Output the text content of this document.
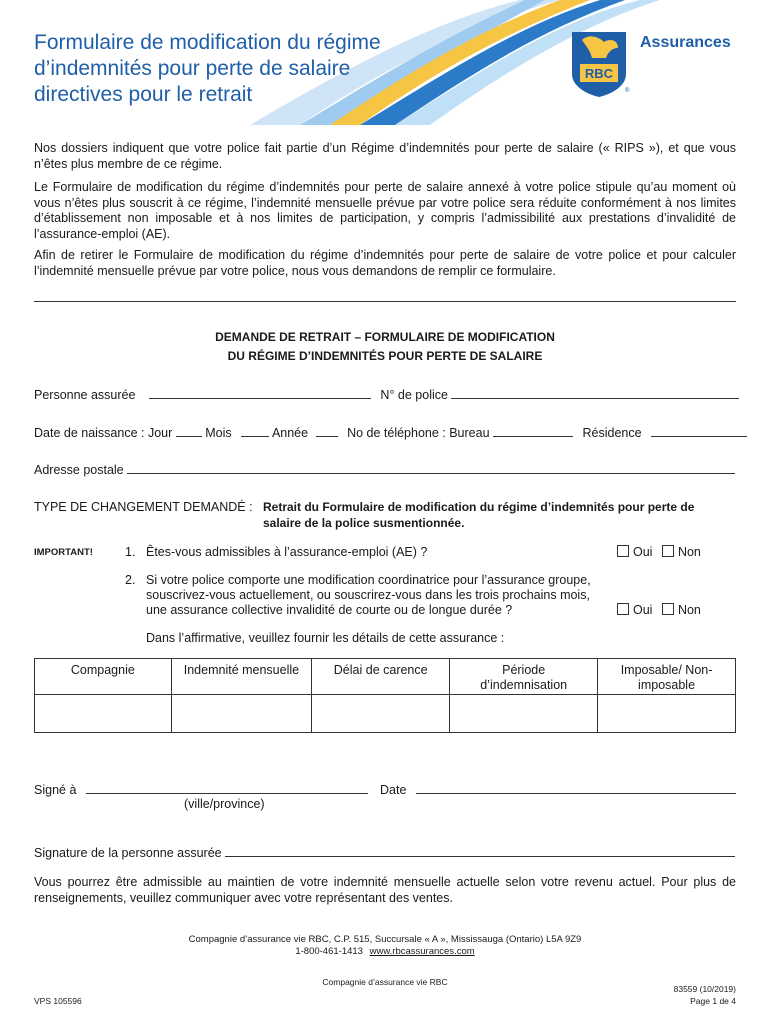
Formulaire de modification du régime
d’indemnités pour perte de salaire
directives pour le retrait
RBC
®
Assurances
Nos dossiers indiquent que votre police fait partie d’un Régime d’indemnités pour perte de salaire (« RIPS »), et que vous n’êtes plus membre de ce régime.
Le Formulaire de modification du régime d’indemnités pour perte de salaire annexé à votre police stipule qu’au moment où vous n’êtes plus souscrit à ce régime, l’indemnité mensuelle prévue par votre police sera réduite conformément à nos limites d’établissement non imposable et à nos limites de participation, y compris l’admissibilité aux prestations d’invalidité de l’assurance-emploi (AE).
Afin de retirer le Formulaire de modification du régime d’indemnités pour perte de salaire de votre police et pour calculer l’indemnité mensuelle prévue par votre police, nous vous demandons de remplir ce formulaire.
DEMANDE DE RETRAIT – FORMULAIRE DE MODIFICATION
DU RÉGIME D’INDEMNITÉS POUR PERTE DE SALAIRE
Personne assurée	N° de police
Date de naissance : Jour	Mois	Année	No de téléphone : Bureau	Résidence
Adresse postale
TYPE DE CHANGEMENT DEMANDÉ : Retrait du Formulaire de modification du régime d’indemnités pour perte de
salaire de la police susmentionnée.
IMPORTANT!	1. Êtes-vous admissibles à l’assurance-emploi (AE) ?	Oui Non
2. Si votre police comporte une modification coordinatrice pour l’assurance groupe,
souscrivez-vous actuellement, ou souscrirez-vous dans les trois prochains mois,
une assurance collective invalidité de courte ou de longue durée ?	Oui Non
Dans l’affirmative, veuillez fournir les détails de cette assurance :
Compagnie	Indemnité mensuelle	Délai de carence	Période d’indemnisation	Imposable/ Non-imposable

Signé à
(ville/province)
Date
Signature de la personne assurée
Vous pourrez être admissible au maintien de votre indemnité mensuelle actuelle selon votre revenu actuel. Pour plus de renseignements, veuillez communiquer avec votre représentant des ventes.
Compagnie d’assurance vie RBC, C.P. 515, Succursale « A », Mississauga (Ontario) L5A 9Z9
1-800-461-1413 www.rbcassurances.com
Compagnie d’assurance vie RBC
VPS 105596
83559 (10/2019)
Page 1 de 4
